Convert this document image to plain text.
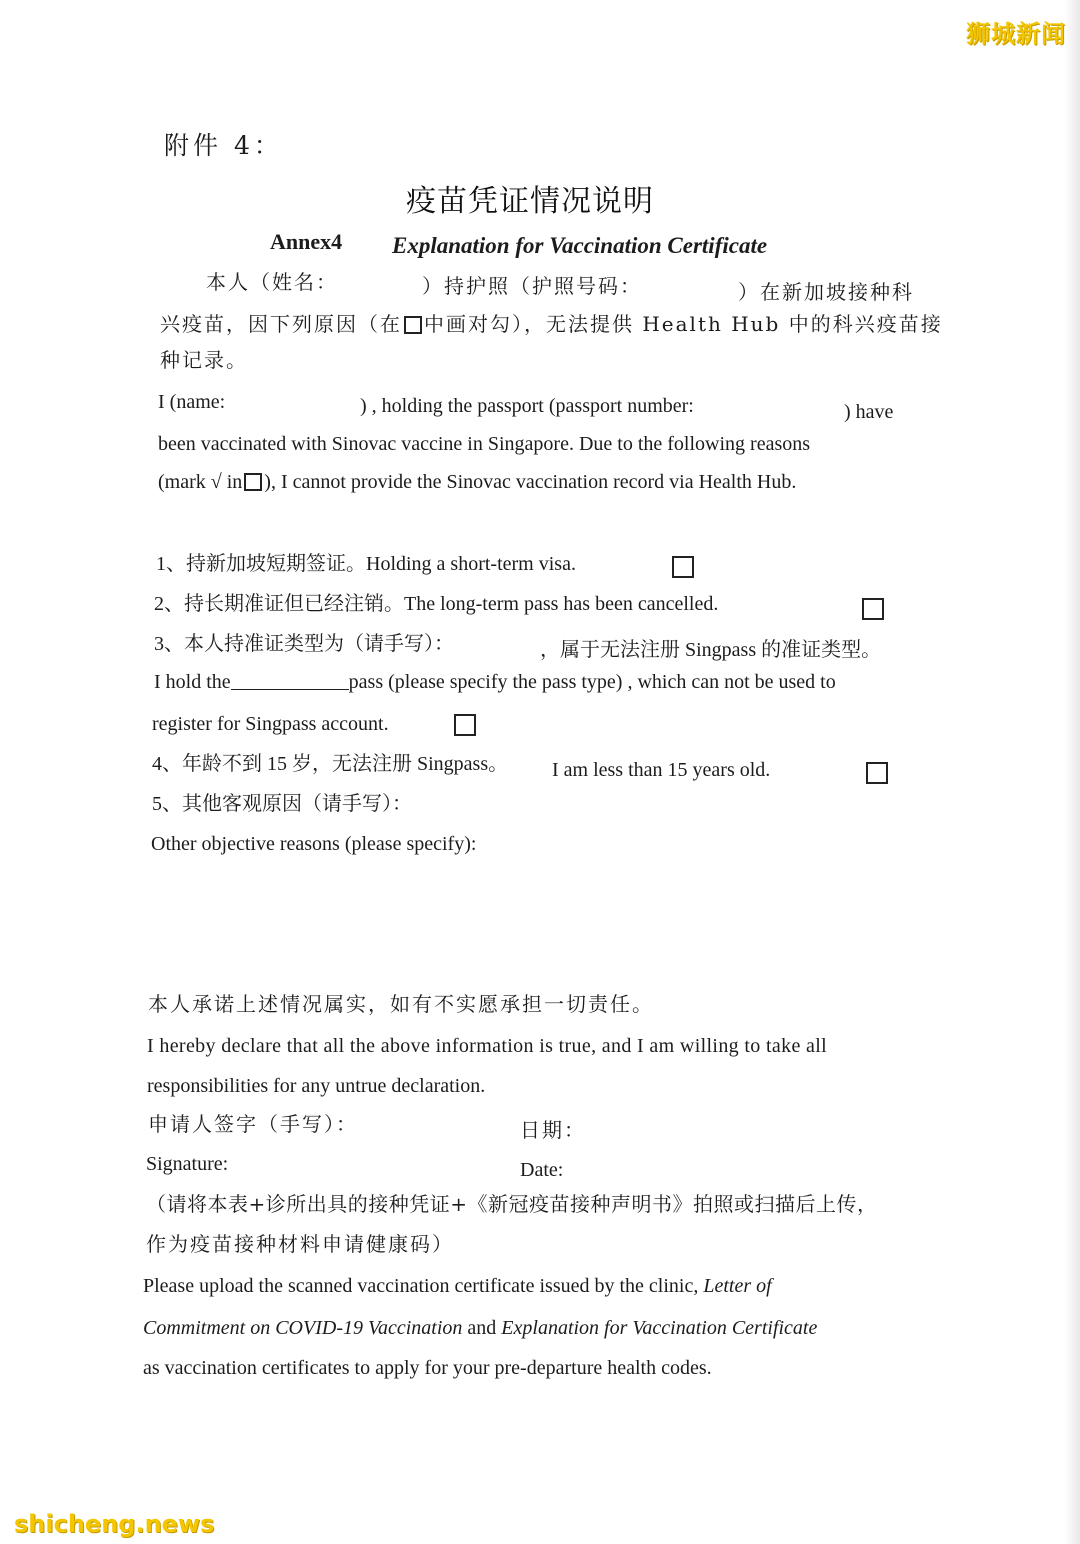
狮城新闻
附件 4：
疫苗凭证情况说明
Annex4 Explanation for Vaccination Certificate
本人（姓名：	）持护照（护照号码：	）在新加坡接种科
兴疫苗，因下列原因（在 中画对勾），无法提供 Health Hub 中的科兴疫苗接
种记录。
I (name:	) , holding the passport (passport number:	) have
been vaccinated with Sinovac vaccine in Singapore. Due to the following reasons
(mark √ in ), I cannot provide the Sinovac vaccination record via Health Hub.
1、持新加坡短期签证。Holding a short-term visa.
2、持长期准证但已经注销。The long-term pass has been cancelled.
3、本人持准证类型为（请手写）：	，属于无法注册 Singpass 的准证类型。
I hold the	pass (please specify the pass type) , which can not be used to
register for Singpass account.
4、年龄不到 15 岁，无法注册 Singpass。 I am less than 15 years old.
5、其他客观原因（请手写）：
Other objective reasons (please specify):
本人承诺上述情况属实，如有不实愿承担一切责任。
I hereby declare that all the above information is true, and I am willing to take all
responsibilities for any untrue declaration.
申请人签字（手写）：	日期：
Signature:	Date:
（请将本表+诊所出具的接种凭证+《新冠疫苗接种声明书》拍照或扫描后上传，
作为疫苗接种材料申请健康码）
Please upload the scanned vaccination certificate issued by the clinic, Letter of
Commitment on COVID-19 Vaccination and Explanation for Vaccination Certificate
as vaccination certificates to apply for your pre-departure health codes.
shicheng.news
